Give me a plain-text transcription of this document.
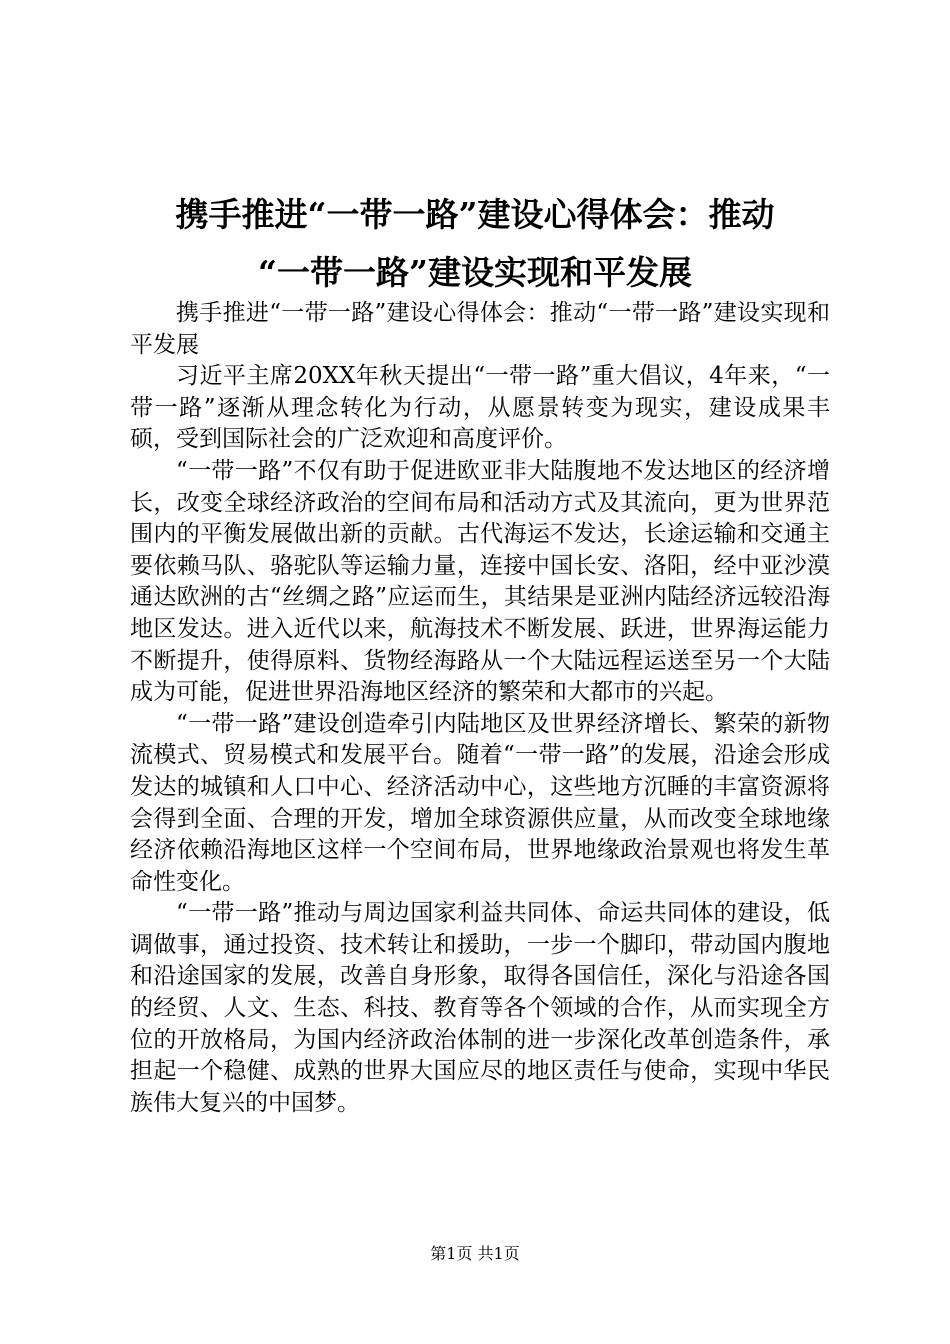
携手推进“一带一路”建设心得体会：推动
“一带一路”建设实现和平发展

携手推进“一带一路”建设心得体会：推动“一带一路”建设实现和平发展

习近平主席20XX年秋天提出“一带一路”重大倡议，4年来，“一带一路”逐渐从理念转化为行动，从愿景转变为现实，建设成果丰硕，受到国际社会的广泛欢迎和高度评价。

“一带一路”不仅有助于促进欧亚非大陆腹地不发达地区的经济增长，改变全球经济政治的空间布局和活动方式及其流向，更为世界范围内的平衡发展做出新的贡献。古代海运不发达，长途运输和交通主要依赖马队、骆驼队等运输力量，连接中国长安、洛阳，经中亚沙漠通达欧洲的古“丝绸之路”应运而生，其结果是亚洲内陆经济远较沿海地区发达。进入近代以来，航海技术不断发展、跃进，世界海运能力不断提升，使得原料、货物经海路从一个大陆远程运送至另一个大陆成为可能，促进世界沿海地区经济的繁荣和大都市的兴起。

“一带一路”建设创造牵引内陆地区及世界经济增长、繁荣的新物流模式、贸易模式和发展平台。随着“一带一路”的发展，沿途会形成发达的城镇和人口中心、经济活动中心，这些地方沉睡的丰富资源将会得到全面、合理的开发，增加全球资源供应量，从而改变全球地缘经济依赖沿海地区这样一个空间布局，世界地缘政治景观也将发生革命性变化。

“一带一路”推动与周边国家利益共同体、命运共同体的建设，低调做事，通过投资、技术转让和援助，一步一个脚印，带动国内腹地和沿途国家的发展，改善自身形象，取得各国信任，深化与沿途各国的经贸、人文、生态、科技、教育等各个领域的合作，从而实现全方位的开放格局，为国内经济政治体制的进一步深化改革创造条件，承担起一个稳健、成熟的世界大国应尽的地区责任与使命，实现中华民族伟大复兴的中国梦。

第1页 共1页
